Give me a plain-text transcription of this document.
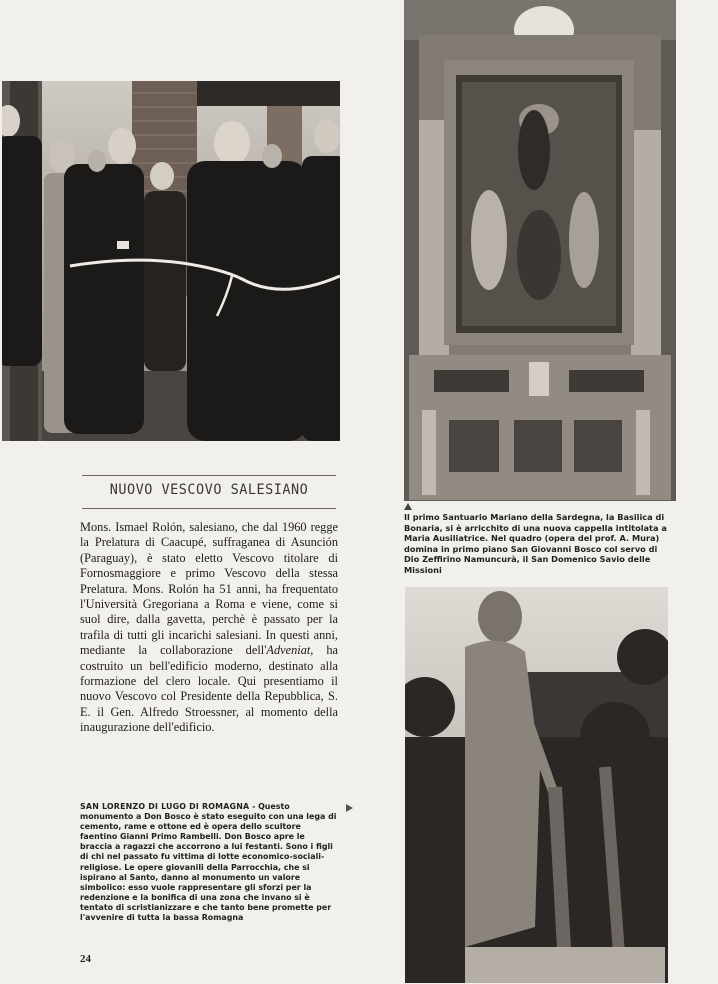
Il primo Santuario Mariano della Sardegna, la Basilica di Bonaria, si è arricchito di una nuova cappella intitolata a Maria Ausiliatrice. Nel quadro (opera del prof. A. Mura) domina in primo piano San Giovanni Bosco col servo di Dio Zeffirino Namuncurà, il San Domenico Savio delle Missioni

NUOVO VESCOVO SALESIANO

Mons. Ismael Rolón, salesiano, che dal 1960 regge la Prelatura di Caacupé, suffraganea di Asunción (Paraguay), è stato eletto Vescovo titolare di Fornosmaggiore e primo Vescovo della stessa Prelatura. Mons. Rolón ha 51 anni, ha frequentato l'Università Gregoriana a Roma e viene, come si suol dire, dalla gavetta, perchè è passato per la trafila di tutti gli incarichi salesiani. In questi anni, mediante la collaborazione dell'Adveniat, ha costruito un bell'edificio moderno, destinato alla formazione del clero locale. Qui presentiamo il nuovo Vescovo col Presidente della Repubblica, S. E. il Gen. Alfredo Stroessner, al momento della inaugurazione dell'edificio.

SAN LORENZO DI LUGO DI ROMAGNA - Questo monumento a Don Bosco è stato eseguito con una lega di cemento, rame e ottone ed è opera dello scultore faentino Gianni Primo Rambelli. Don Bosco apre le braccia a ragazzi che accorrono a lui festanti. Sono i figli di chi nel passato fu vittima di lotte economico-sociali-religiose. Le opere giovanili della Parrocchia, che si ispirano al Santo, danno al monumento un valore simbolico: esso vuole rappresentare gli sforzi per la redenzione e la bonifica di una zona che invano si è tentato di scristianizzare e che tanto bene promette per l'avvenire di tutta la bassa Romagna

24
